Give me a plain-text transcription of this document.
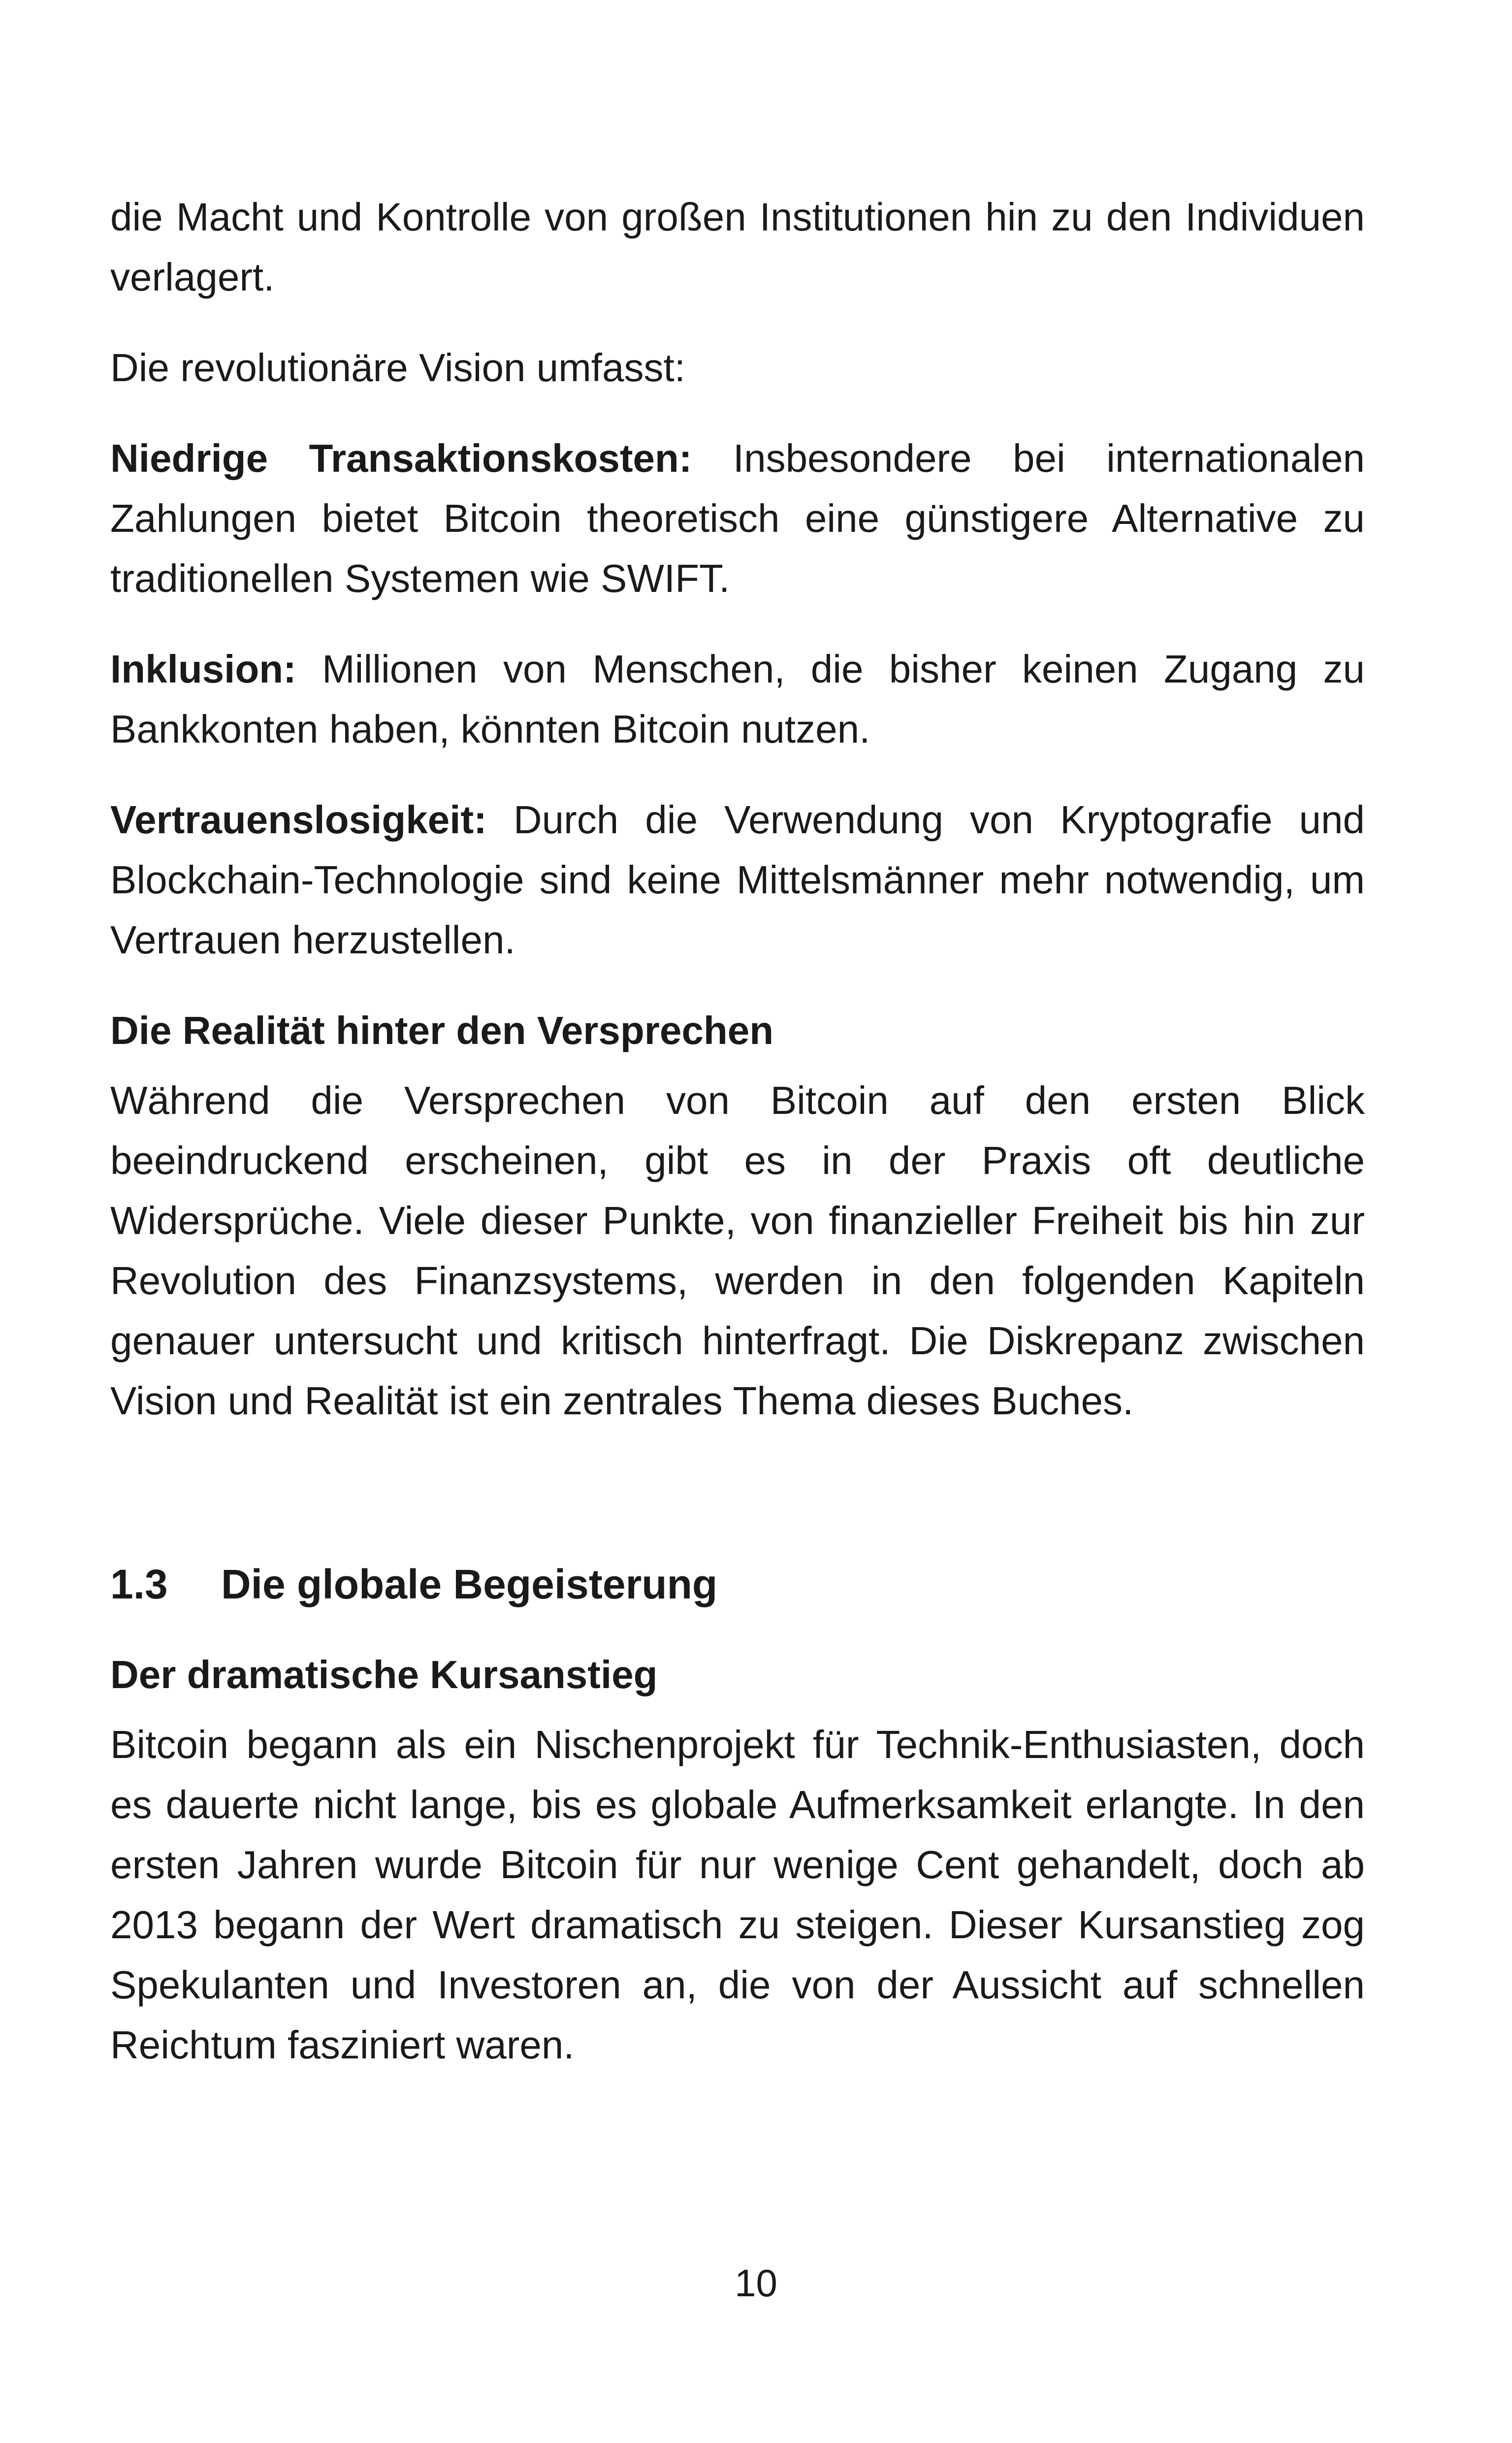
die Macht und Kontrolle von großen Institutionen hin zu den Individuen verlagert.

Die revolutionäre Vision umfasst:

Niedrige Transaktionskosten: Insbesondere bei internationalen Zahlungen bietet Bitcoin theoretisch eine günstigere Alternative zu traditionellen Systemen wie SWIFT.

Inklusion: Millionen von Menschen, die bisher keinen Zugang zu Bankkonten haben, könnten Bitcoin nutzen.

Vertrauenslosigkeit: Durch die Verwendung von Kryptografie und Blockchain-Technologie sind keine Mittelsmänner mehr notwendig, um Vertrauen herzustellen.

Die Realität hinter den Versprechen

Während die Versprechen von Bitcoin auf den ersten Blick beeindruckend erscheinen, gibt es in der Praxis oft deutliche Widersprüche. Viele dieser Punkte, von finanzieller Freiheit bis hin zur Revolution des Finanzsystems, werden in den folgenden Kapiteln genauer untersucht und kritisch hinterfragt. Die Diskrepanz zwischen Vision und Realität ist ein zentrales Thema dieses Buches.

1.3 Die globale Begeisterung
Der dramatische Kursanstieg

Bitcoin begann als ein Nischenprojekt für Technik-Enthusiasten, doch es dauerte nicht lange, bis es globale Aufmerksamkeit erlangte. In den ersten Jahren wurde Bitcoin für nur wenige Cent gehandelt, doch ab 2013 begann der Wert dramatisch zu steigen. Dieser Kursanstieg zog Spekulanten und Investoren an, die von der Aussicht auf schnellen Reichtum fasziniert waren.

10
